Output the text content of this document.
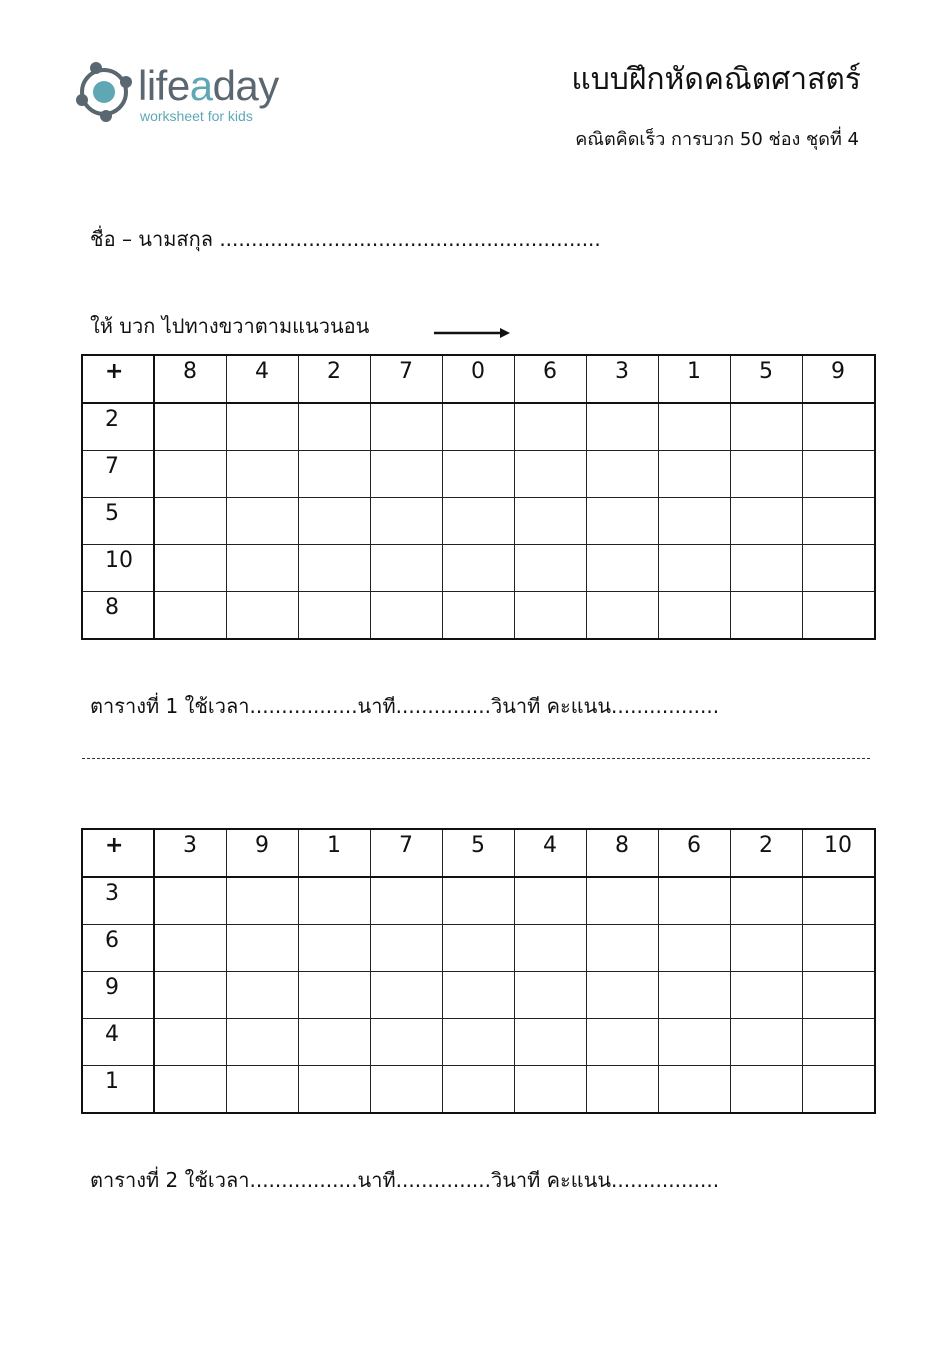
lifeaday
worksheet for kids
แบบฝึกหัดคณิตศาสตร์
คณิตคิดเร็ว การบวก 50 ช่อง ชุดที่ 4
ชื่อ – นามสกุล ............................................................
ให้ บวก ไปทางขวาตามแนวนอน
+	8	4	2	7	0	6	3	1	5	9
2										
7										
5										
10										
8										
ตารางที่ 1 ใช้เวลา.................นาที...............วินาที คะแนน.................
+	3	9	1	7	5	4	8	6	2	10
3										
6										
9										
4										
1										
ตารางที่ 2 ใช้เวลา.................นาที...............วินาที คะแนน.................
